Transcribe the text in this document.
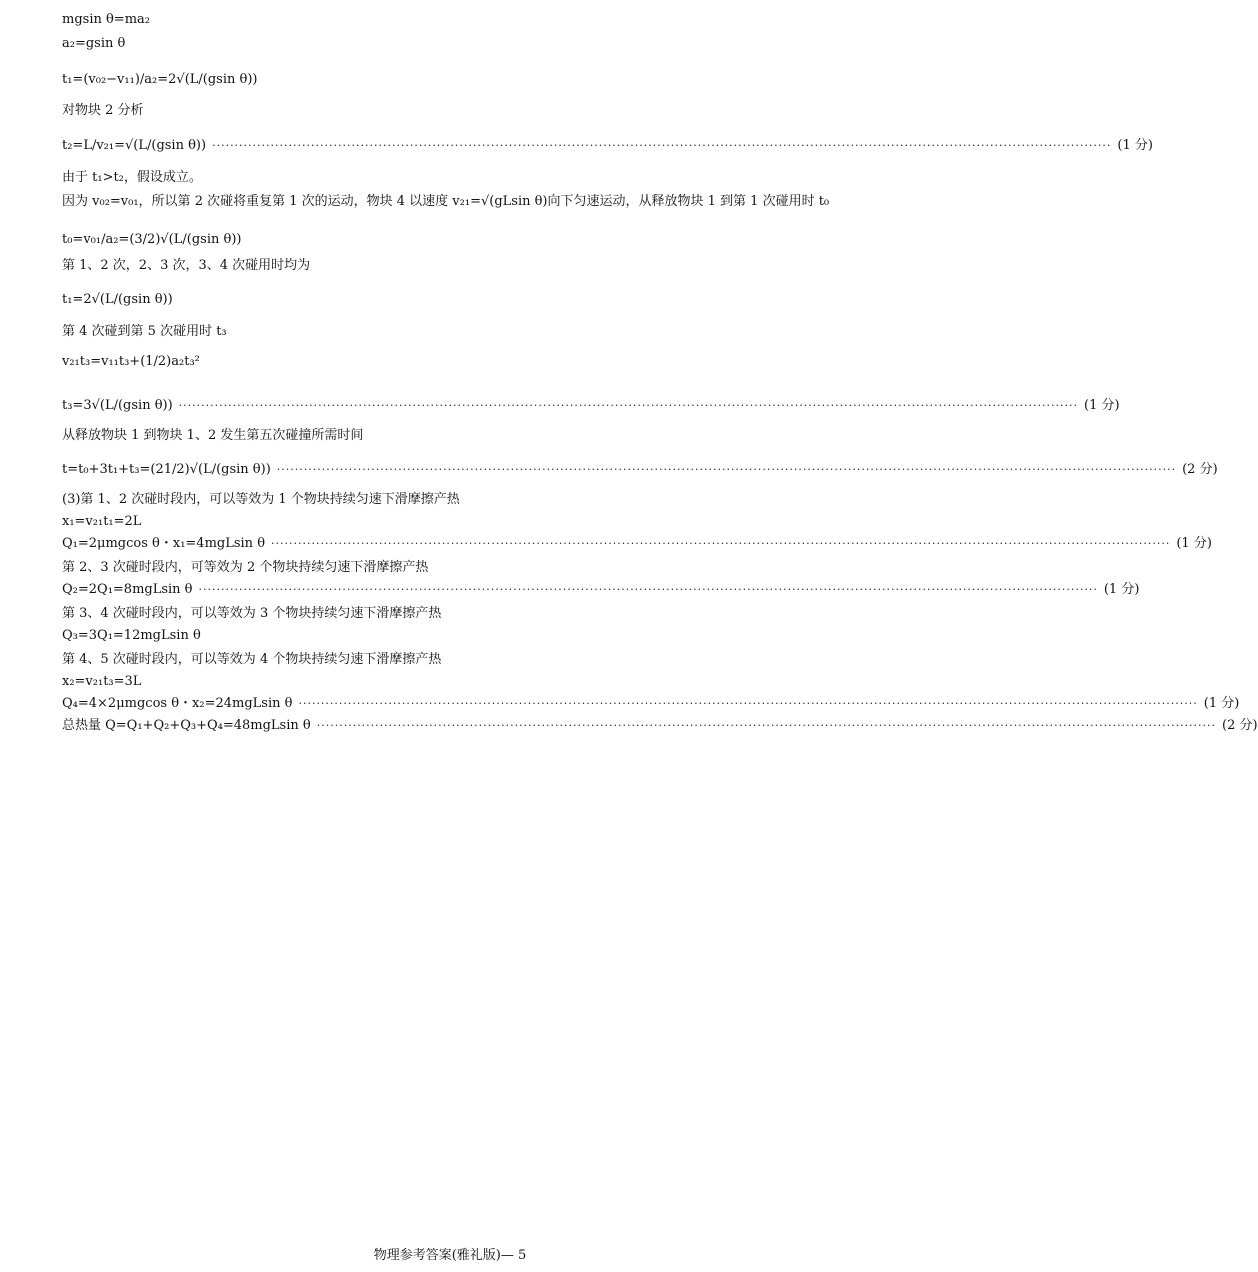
mgsin θ=ma₂
a₂=gsin θ
t₁=(v₀₂−v₁₁)/a₂=2√(L/(gsin θ))
对物块 2 分析
t₂=L/v₂₁=√(L/(gsin θ)) ········································································································································································································ (1 分)
由于 t₁>t₂，假设成立。
因为 v₀₂=v₀₁，所以第 2 次碰将重复第 1 次的运动，物块 4 以速度 v₂₁=√(gLsin θ)向下匀速运动，从释放物块 1 到第 1 次碰用时 t₀
t₀=v₀₁/a₂=(3/2)√(L/(gsin θ))
第 1、2 次，2、3 次，3、4 次碰用时均为
t₁=2√(L/(gsin θ))
第 4 次碰到第 5 次碰用时 t₃
v₂₁t₃=v₁₁t₃+(1/2)a₂t₃²
t₃=3√(L/(gsin θ)) ········································································································································································································ (1 分)
从释放物块 1 到物块 1、2 发生第五次碰撞所需时间
t=t₀+3t₁+t₃=(21/2)√(L/(gsin θ)) ········································································································································································································ (2 分)
(3)第 1、2 次碰时段内，可以等效为 1 个物块持续匀速下滑摩擦产热
x₁=v₂₁t₁=2L
Q₁=2μmgcos θ・x₁=4mgLsin θ ········································································································································································································ (1 分)
第 2、3 次碰时段内，可等效为 2 个物块持续匀速下滑摩擦产热
Q₂=2Q₁=8mgLsin θ ········································································································································································································ (1 分)
第 3、4 次碰时段内，可以等效为 3 个物块持续匀速下滑摩擦产热
Q₃=3Q₁=12mgLsin θ
第 4、5 次碰时段内，可以等效为 4 个物块持续匀速下滑摩擦产热
x₂=v₂₁t₃=3L
Q₄=4×2μmgcos θ・x₂=24mgLsin θ ········································································································································································································ (1 分)
总热量 Q=Q₁+Q₂+Q₃+Q₄=48mgLsin θ ········································································································································································································ (2 分)
物理参考答案(雅礼版)— 5
